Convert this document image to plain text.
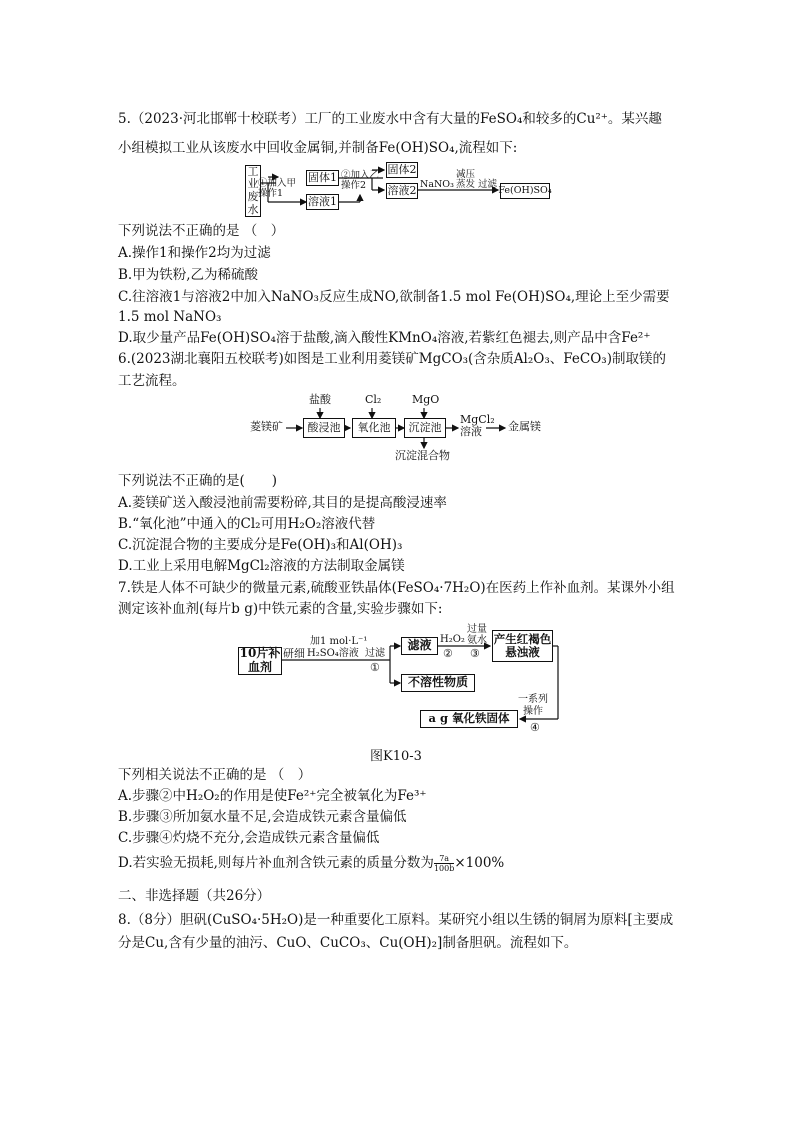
5.（2023·河北邯郸十校联考）工厂的工业废水中含有大量的FeSO₄和较多的Cu²⁺。某兴趣
小组模拟工业从该废水中回收金属铜,并制备Fe(OH)SO₄,流程如下:
工业废水
①加入甲操作1
固体1
溶液1
②加入乙操作2
固体2
溶液2 NaNO₃
减压蒸发 过滤
Fe(OH)SO₄
下列说法不正确的是 （　）
A.操作1和操作2均为过滤
B.甲为铁粉,乙为稀硫酸
C.往溶液1与溶液2中加入NaNO₃反应生成NO,欲制备1.5 mol Fe(OH)SO₄,理论上至少需要
1.5 mol NaNO₃
D.取少量产品Fe(OH)SO₄溶于盐酸,滴入酸性KMnO₄溶液,若紫红色褪去,则产品中含Fe²⁺
6.(2023湖北襄阳五校联考)如图是工业利用菱镁矿MgCO₃(含杂质Al₂O₃、FeCO₃)制取镁的
工艺流程。
菱镁矿
盐酸	Cl₂	MgO
酸浸池	氧化池	沉淀池
MgCl₂溶液	金属镁
沉淀混合物
下列说法不正确的是(　　)
A.菱镁矿送入酸浸池前需要粉碎,其目的是提高酸浸速率
B.“氧化池”中通入的Cl₂可用H₂O₂溶液代替
C.沉淀混合物的主要成分是Fe(OH)₃和Al(OH)₃
D.工业上采用电解MgCl₂溶液的方法制取金属镁
7.铁是人体不可缺少的微量元素,硫酸亚铁晶体(FeSO₄·7H₂O)在医药上作补血剂。某课外小组
测定该补血剂(每片b g)中铁元素的含量,实验步骤如下:
10片补血剂
研细
加1 mol·L⁻¹
H₂SO₄溶液 过滤
①
滤液
不溶性物质
H₂O₂
②
过量
氨水
③
产生红褐色悬浊液
一系列
操作
④
a g 氧化铁固体
图K10-3
下列相关说法不正确的是 （　）
A.步骤②中H₂O₂的作用是使Fe²⁺完全被氧化为Fe³⁺
B.步骤③所加氨水量不足,会造成铁元素含量偏低
C.步骤④灼烧不充分,会造成铁元素含量偏低
D.若实验无损耗,则每片补血剂含铁元素的质量分数为 $\frac{7a}{100b} \times 100\%$
二、非选择题（共26分）
8.（8分）胆矾(CuSO₄·5H₂O)是一种重要化工原料。某研究小组以生锈的铜屑为原料[主要成
分是Cu,含有少量的油污、CuO、CuCO₃、Cu(OH)₂]制备胆矾。流程如下。
